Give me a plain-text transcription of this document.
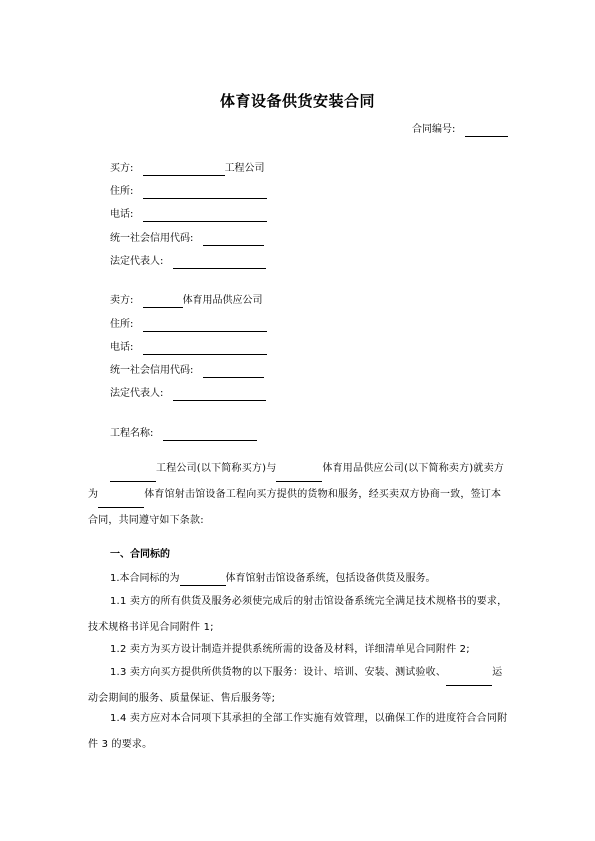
体育设备供货安装合同
合同编号:
买方:	工程公司
住所:
电话:
统一社会信用代码:
法定代表人:
卖方:	体育用品供应公司
住所:
电话:
统一社会信用代码:
法定代表人:
工程名称:
工程公司(以下简称买方)与	体育用品供应公司(以下简称卖方)就卖方为	体育馆射击馆设备工程向买方提供的货物和服务，经买卖双方协商一致，签订本合同，共同遵守如下条款:
一、合同标的
1.本合同标的为	体育馆射击馆设备系统，包括设备供货及服务。
1.1 卖方的所有供货及服务必须使完成后的射击馆设备系统完全满足技术规格书的要求，技术规格书详见合同附件 1;
1.2 卖方为买方设计制造并提供系统所需的设备及材料，详细清单见合同附件 2;
1.3 卖方向买方提供所供货物的以下服务：设计、培训、安装、测试验收、	运动会期间的服务、质量保证、售后服务等;
1.4 卖方应对本合同项下其承担的全部工作实施有效管理，以确保工作的进度符合合同附件 3 的要求。
